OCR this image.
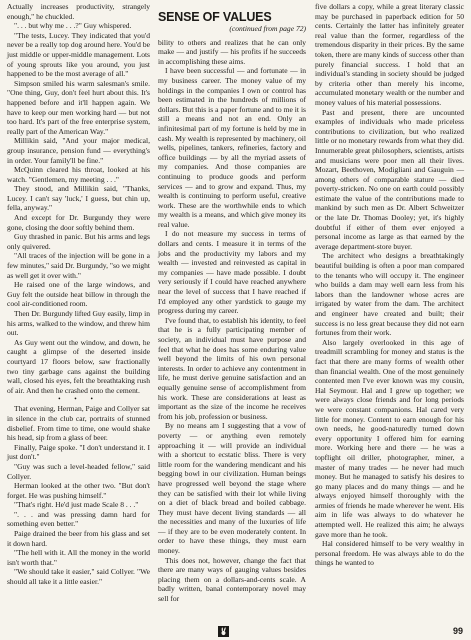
Actually increases productivity, strangely enough," he chuckled.

". . . but why me . . .?" Guy whispered.

"The tests, Lucey. They indicated that you'd never be a really top dog around here. You'd be just middle or upper-middle management. Lots of young sprouts like you around, you just happened to be the most average of all."

Simpson smiled his warm salesman's smile. "One thing, Guy, don't feel hurt about this. It's happened before and it'll happen again. We have to keep our men working hard — but not too hard. It's part of the free enterprise system, really part of the American Way."

Millikin said, "And your major medical, group insurance, pension fund — everything's in order. Your family'll be fine."

McQuinn cleared his throat, looked at his watch. "Gentlemen, my meeting . . ."

They stood, and Millikin said, "Thanks, Lucey. I can't say 'luck,' I guess, but chin up, fella, anyway."

And except for Dr. Burgundy they were gone, closing the door softly behind them.

Guy thrashed in panic. But his arms and legs only quivered.

"All traces of the injection will be gone in a few minutes," said Dr. Burgundy, "so we might as well get it over with."

He raised one of the large windows, and Guy felt the outside heat billow in through the cool air-conditioned room.

Then Dr. Burgundy lifted Guy easily, limp in his arms, walked to the window, and threw him out.

As Guy went out the window, and down, he caught a glimpse of the deserted inside courtyard 17 floors below, saw fractionally two tiny garbage cans against the building wall, closed his eyes, felt the breathtaking rush of air. And then he crashed onto the cement.

• • •

That evening, Herman, Paige and Collyer sat in silence in the club car, portraits of stunned disbelief. From time to time, one would shake his head, sip from a glass of beer.

Finally, Paige spoke. "I don't understand it. I just don't."

"Guy was such a level-headed fellow," said Collyer.

Herman looked at the other two. "But don't forget. He was pushing himself."

"That's right. He'd just made Scale 8 . . ."

". . . and was pressing damn hard for something even better."

Paige drained the beer from his glass and set it down hard.

"The hell with it. All the money in the world isn't worth that."

"We should take it easier," said Collyer. "We should all take it a little easier."

SENSE OF VALUES
(continued from page 72)

bility to others and realizes that he can only make — and justify — his profits if he succeeds in accomplishing these aims.

I have been successful — and fortunate — in my business career. The money value of my holdings in the companies I own or control has been estimated in the hundreds of millions of dollars. But this is a paper fortune and to me it is still a means and not an end. Only an infinitesimal part of my fortune is held by me in cash. My wealth is represented by machinery, oil wells, pipelines, tankers, refineries, factory and office buildings — by all the myriad assets of my companies. And those companies are continuing to produce goods and perform services — and to grow and expand. Thus, my wealth is continuing to perform useful, creative work. These are the worthwhile ends to which my wealth is a means, and which give money its real value.

I do not measure my success in terms of dollars and cents. I measure it in terms of the jobs and the productivity my labors and my wealth — invested and reinvested as capital in my companies — have made possible. I doubt very seriously if I could have reached anywhere near the level of success that I have reached if I'd employed any other yardstick to gauge my progress during my career.

I've found that, to establish his identity, to feel that he is a fully participating member of society, an individual must have purpose and feel that what he does has some enduring value well beyond the limits of his own personal interests. In order to achieve any contentment in life, he must derive genuine satisfaction and an equally genuine sense of accomplishment from his work. These are considerations at least as important as the size of the income he receives from his job, profession or business.

By no means am I suggesting that a vow of poverty — or anything even remotely approaching it — will provide an individual with a shortcut to ecstatic bliss. There is very little room for the wandering mendicant and his begging bowl in our civilization. Human beings have progressed well beyond the stage where they can be satisfied with their lot while living on a diet of black bread and boiled cabbage. They must have decent living standards — all the necessities and many of the luxuries of life — if they are to be even moderately content. In order to have these things, they must earn money.

This does not, however, change the fact that there are many ways of gauging values besides placing them on a dollars-and-cents scale. A badly written, banal contemporary novel may sell for

five dollars a copy, while a great literary classic may be purchased in paperback edition for 50 cents. Certainly the latter has infinitely greater real value than the former, regardless of the tremendous disparity in their prices. By the same token, there are many kinds of success other than purely financial success. I hold that an individual's standing in society should be judged by criteria other than merely his income, accumulated monetary wealth or the number and money values of his material possessions.

Past and present, there are uncounted examples of individuals who made priceless contributions to civilization, but who realized little or no monetary rewards from what they did. Innumerable great philosophers, scientists, artists and musicians were poor men all their lives. Mozart, Beethoven, Modigliani and Gauguin — among others of comparable stature — died poverty-stricken. No one on earth could possibly estimate the value of the contributions made to mankind by such men as Dr. Albert Schweitzer or the late Dr. Thomas Dooley; yet, it's highly doubtful if either of them ever enjoyed a personal income as large as that earned by the average department-store buyer.

The architect who designs a breathtakingly beautiful building is often a poor man compared to the tenants who will occupy it. The engineer who builds a dam may well earn less from his labors than the landowner whose acres are irrigated by water from the dam. The architect and engineer have created and built; their success is no less great because they did not earn fortunes from their work.

Also largely overlooked in this age of treadmill scrambling for money and status is the fact that there are many forms of wealth other than financial wealth. One of the most genuinely contented men I've ever known was my cousin, Hal Seymour. Hal and I grew up together; we were always close friends and for long periods we were constant companions. Hal cared very little for money. Content to earn enough for his own needs, he good-naturedly turned down every opportunity I offered him for earning more. Working here and there — he was a topflight oil driller, photographer, miner, a master of many trades — he never had much money. But he managed to satisfy his desires to go many places and do many things — and he always enjoyed himself thoroughly with the armies of friends he made wherever he went. His aim in life was always to do whatever he attempted well. He realized this aim; he always gave more than he took.

Hal considered himself to be very wealthy in personal freedom. He was always able to do the things he wanted to

99
